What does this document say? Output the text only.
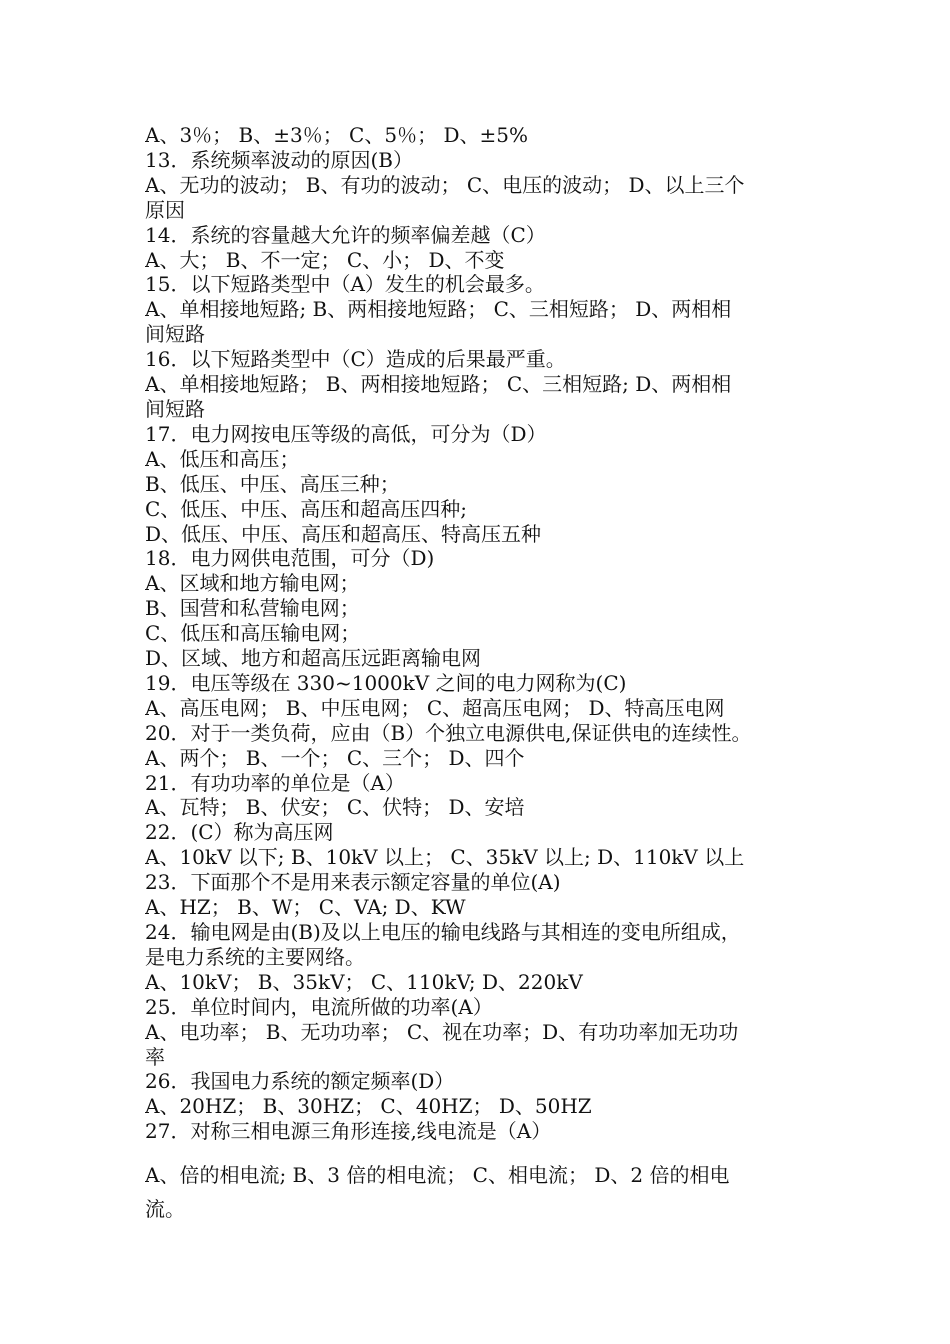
A、3％； B、±3％； C、5％； D、±5%
13．系统频率波动的原因(B）
A、无功的波动； B、有功的波动； C、电压的波动； D、以上三个
原因
14．系统的容量越大允许的频率偏差越（C）
A、大； B、不一定； C、小； D、不变
15．以下短路类型中（A）发生的机会最多。
A、单相接地短路; B、两相接地短路； C、三相短路； D、两相相
间短路
16．以下短路类型中（C）造成的后果最严重。
A、单相接地短路； B、两相接地短路； C、三相短路; D、两相相
间短路
17．电力网按电压等级的高低，可分为（D）
A、低压和高压；
B、低压、中压、高压三种；
C、低压、中压、高压和超高压四种;
D、低压、中压、高压和超高压、特高压五种
18．电力网供电范围，可分（D)
A、区域和地方输电网；
B、国营和私营输电网；
C、低压和高压输电网；
D、区域、地方和超高压远距离输电网
19．电压等级在 330~1000kV 之间的电力网称为(C)
A、高压电网； B、中压电网； C、超高压电网； D、特高压电网
20．对于一类负荷，应由（B）个独立电源供电,保证供电的连续性。
A、两个； B、一个； C、三个； D、四个
21．有功功率的单位是（A）
A、瓦特； B、伏安； C、伏特； D、安培
22．(C）称为高压网
A、10kV 以下; B、10kV 以上； C、35kV 以上; D、110kV 以上
23．下面那个不是用来表示额定容量的单位(A)
A、HZ； B、W； C、VA; D、KW
24．输电网是由(B)及以上电压的输电线路与其相连的变电所组成，
是电力系统的主要网络。
A、10kV； B、35kV； C、110kV; D、220kV
25．单位时间内，电流所做的功率(A）
A、电功率； B、无功功率； C、视在功率；D、有功功率加无功功
率
26．我国电力系统的额定频率(D）
A、20HZ； B、30HZ； C、40HZ； D、50HZ
27．对称三相电源三角形连接,线电流是（A）
A、倍的相电流; B、3 倍的相电流； C、相电流； D、2 倍的相电
流。
